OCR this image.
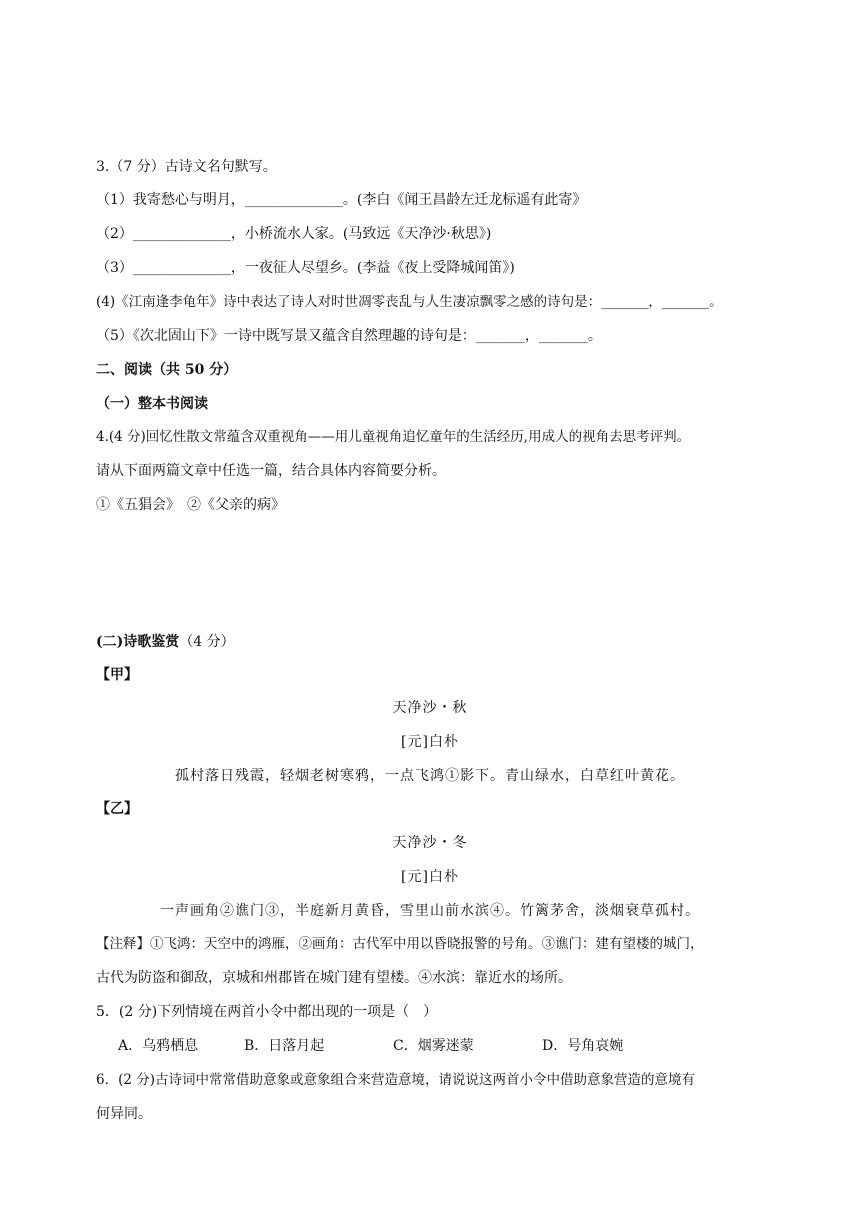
3.（7 分）古诗文名句默写。
（1）我寄愁心与明月，______________。(李白《闻王昌龄左迁龙标遥有此寄》
（2）______________，小桥流水人家。(马致远《天净沙·秋思》)
（3）______________，一夜征人尽望乡。(李益《夜上受降城闻笛》)
(4)《江南逢李龟年》诗中表达了诗人对时世凋零丧乱与人生凄凉飘零之感的诗句是：_______，_______。
（5）《次北固山下》一诗中既写景又蕴含自然理趣的诗句是：_______，_______。
二、阅读（共 50 分）
（一）整本书阅读
4.(4 分)回忆性散文常蕴含双重视角——用儿童视角追忆童年的生活经历,用成人的视角去思考评判。
请从下面两篇文章中任选一篇，结合具体内容简要分析。
①《五猖会》　②《父亲的病》
(二)诗歌鉴赏（4 分）
【甲】
天净沙・秋
[元]白朴
孤村落日残霞，轻烟老树寒鸦，一点飞鸿①影下。青山绿水，白草红叶黄花。
【乙】
天净沙・冬
[元]白朴
一声画角②谯门③，半庭新月黄昏，雪里山前水滨④。竹篱茅舍，淡烟衰草孤村。
【注释】①飞鸿：天空中的鸿雁，②画角：古代军中用以昏晓报警的号角。③谯门：建有望楼的城门，
古代为防盗和御敌，京城和州郡皆在城门建有望楼。④水滨：靠近水的场所。
5．(2 分)下列情境在两首小令中都出现的一项是（　）
A．乌鸦栖息	B．日落月起	C．烟雾迷蒙	D．号角哀婉
6．(2 分)古诗词中常常借助意象或意象组合来营造意境，请说说这两首小令中借助意象营造的意境有
何异同。
